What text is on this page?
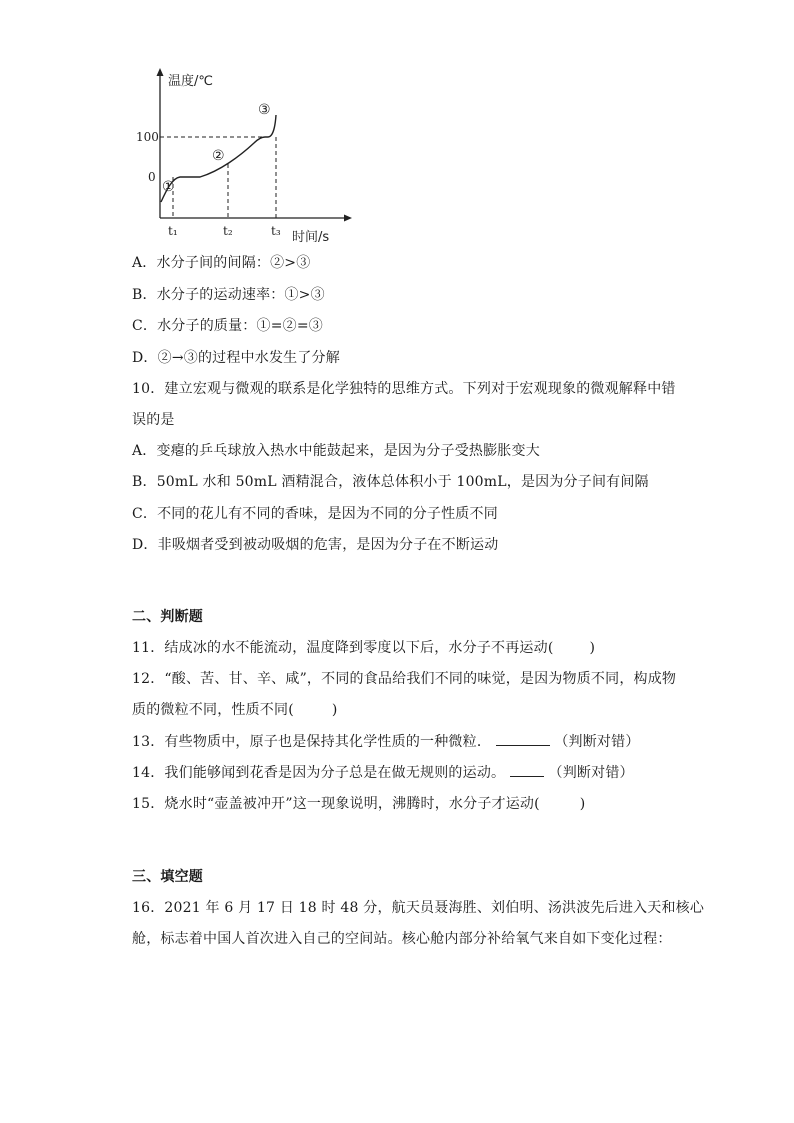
温度/℃
时间/s
100
0
t₁	t₂	t₃
①
②
③
A．水分子间的间隔：②>③
B．水分子的运动速率：①>③
C．水分子的质量：①=②=③
D．②→③的过程中水发生了分解
10．建立宏观与微观的联系是化学独特的思维方式。下列对于宏观现象的微观解释中错
误的是
A．变瘪的乒乓球放入热水中能鼓起来，是因为分子受热膨胀变大
B．50mL 水和 50mL 酒精混合，液体总体积小于 100mL，是因为分子间有间隔
C．不同的花儿有不同的香味，是因为不同的分子性质不同
D．非吸烟者受到被动吸烟的危害，是因为分子在不断运动
二、判断题
11．结成冰的水不能流动，温度降到零度以下后，水分子不再运动(	)
12．“酸、苦、甘、辛、咸”，不同的食品给我们不同的味觉，是因为物质不同，构成物
质的微粒不同，性质不同(	)
13．有些物质中，原子也是保持其化学性质的一种微粒．	（判断对错）
14．我们能够闻到花香是因为分子总是在做无规则的运动。	（判断对错）
15．烧水时“壶盖被冲开”这一现象说明，沸腾时，水分子才运动(	)
三、填空题
16．2021 年 6 月 17 日 18 时 48 分，航天员聂海胜、刘伯明、汤洪波先后进入天和核心
舱，标志着中国人首次进入自己的空间站。核心舱内部分补给氧气来自如下变化过程：
